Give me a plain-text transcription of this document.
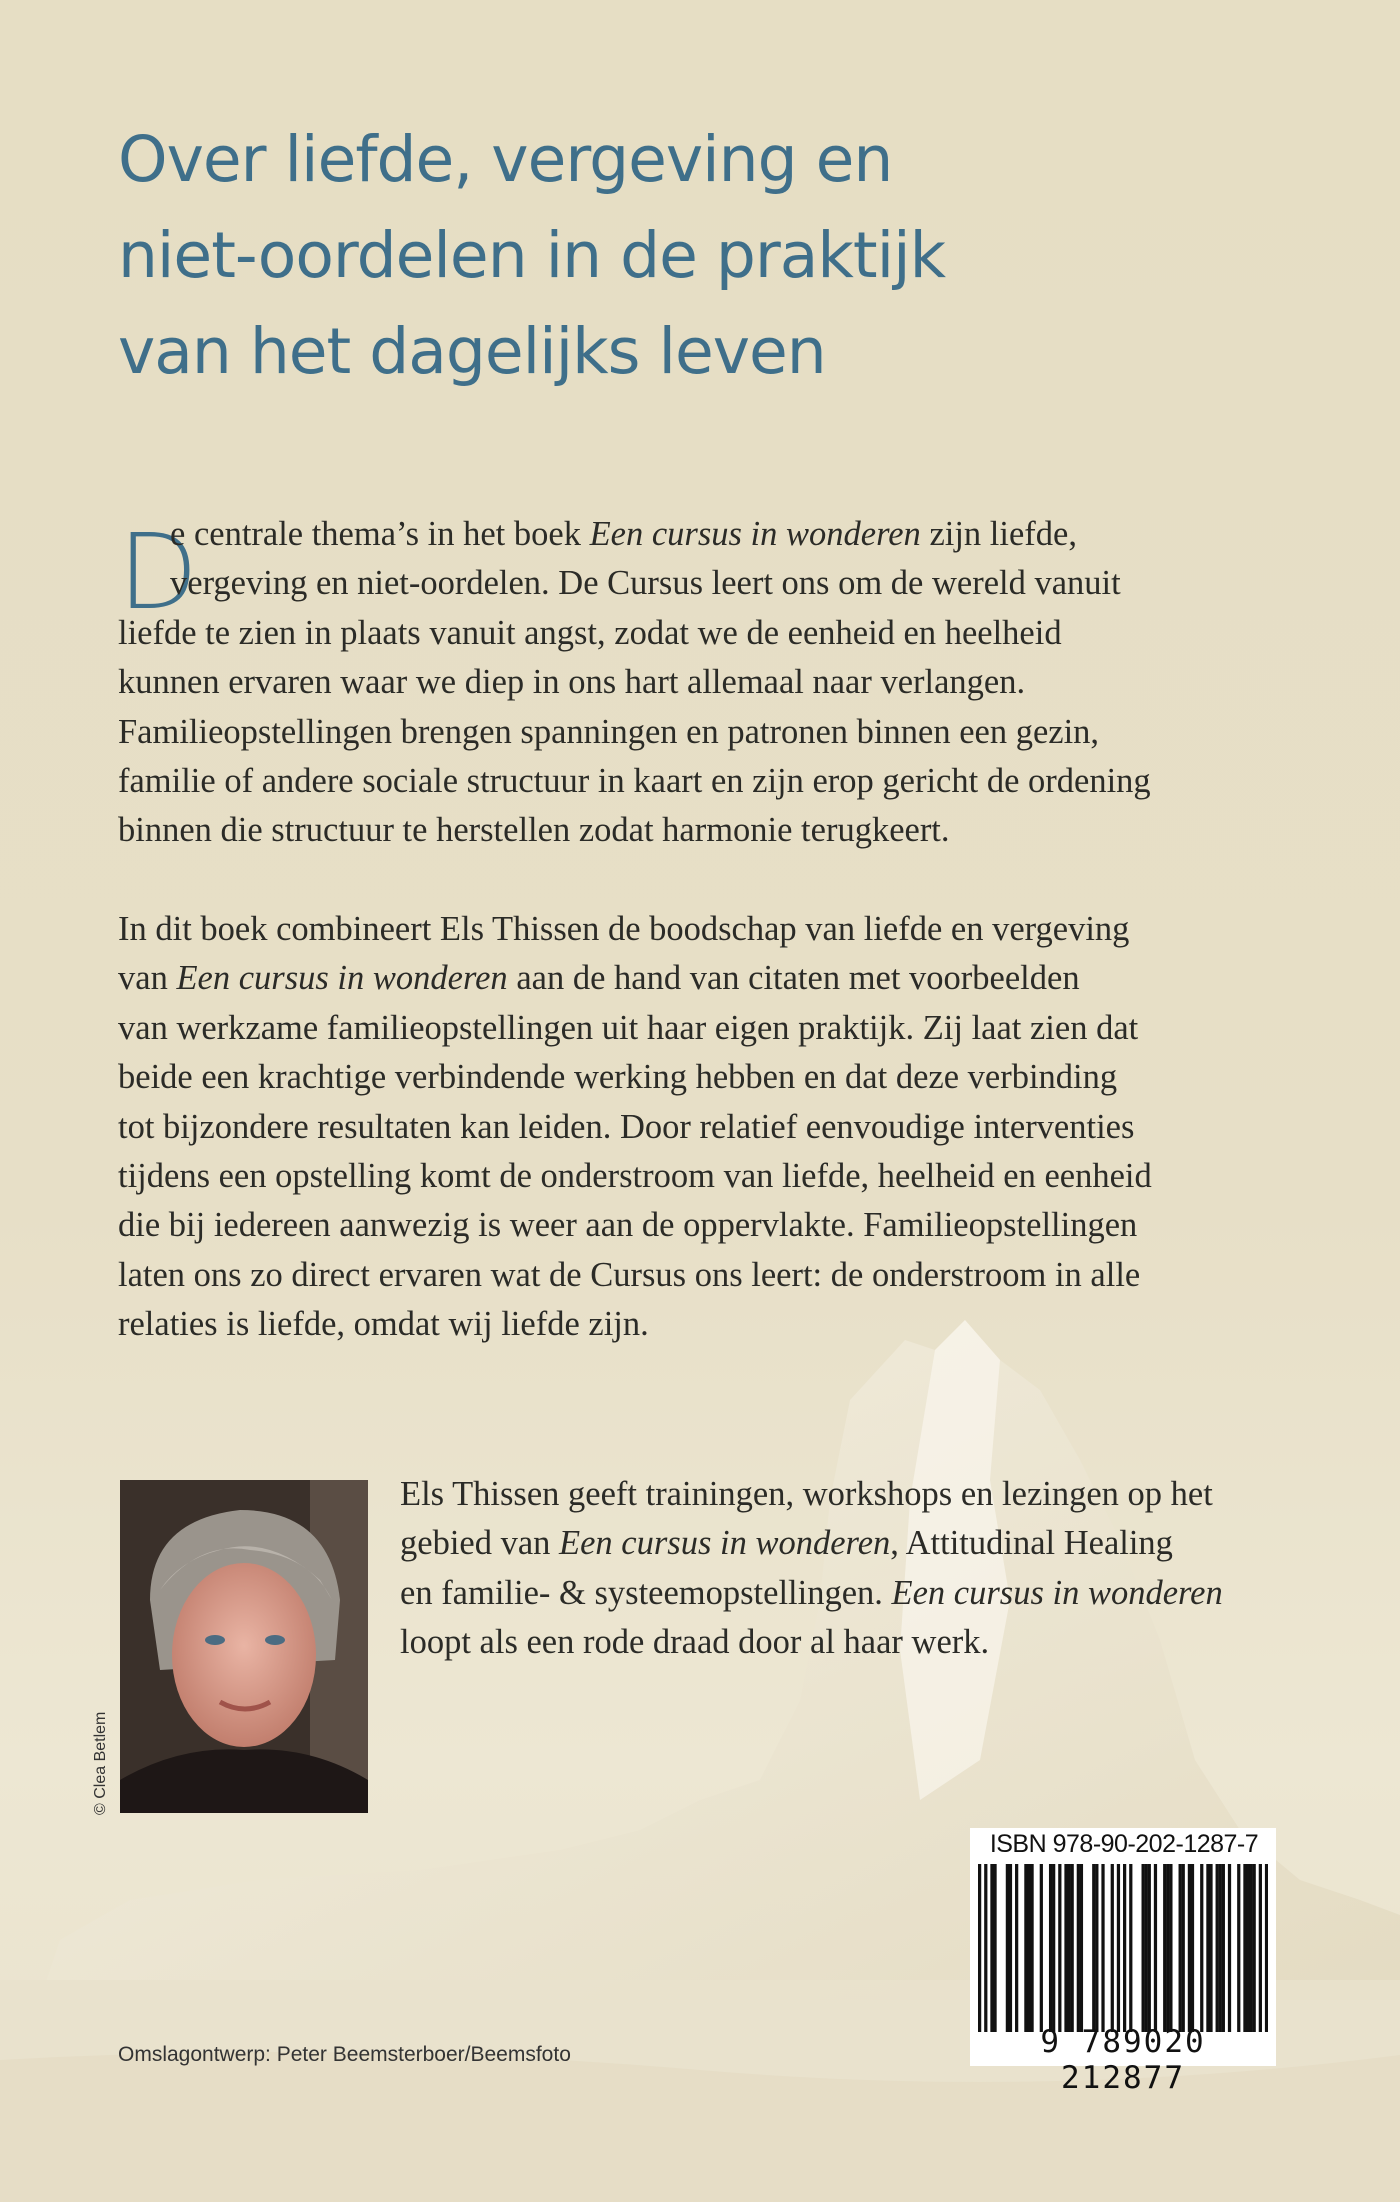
Over liefde, vergeving en
niet-oordelen in de praktijk
van het dagelijks leven
D
e centrale thema’s in het boek Een cursus in wonderen zijn liefde,
vergeving en niet-oordelen. De Cursus leert ons om de wereld vanuit
liefde te zien in plaats vanuit angst, zodat we de eenheid en heelheid
kunnen ervaren waar we diep in ons hart allemaal naar verlangen.
Familieopstellingen brengen spanningen en patronen binnen een gezin,
familie of andere sociale structuur in kaart en zijn erop gericht de ordening
binnen die structuur te herstellen zodat harmonie terugkeert.
In dit boek combineert Els Thissen de boodschap van liefde en vergeving
van Een cursus in wonderen aan de hand van citaten met voorbeelden
van werkzame familieopstellingen uit haar eigen praktijk. Zij laat zien dat
beide een krachtige verbindende werking hebben en dat deze verbinding
tot bijzondere resultaten kan leiden. Door relatief eenvoudige interventies
tijdens een opstelling komt de onderstroom van liefde, heelheid en eenheid
die bij iedereen aanwezig is weer aan de oppervlakte. Familieopstellingen
laten ons zo direct ervaren wat de Cursus ons leert: de onderstroom in alle
relaties is liefde, omdat wij liefde zijn.
© Clea Betlem
Els Thissen geeft trainingen, workshops en lezingen op het
gebied van Een cursus in wonderen, Attitudinal Healing
en familie- & systeemopstellingen. Een cursus in wonderen
loopt als een rode draad door al haar werk.
ISBN 978-90-202-1287-7
9 789020 212877
Omslagontwerp: Peter Beemsterboer/Beemsfoto
